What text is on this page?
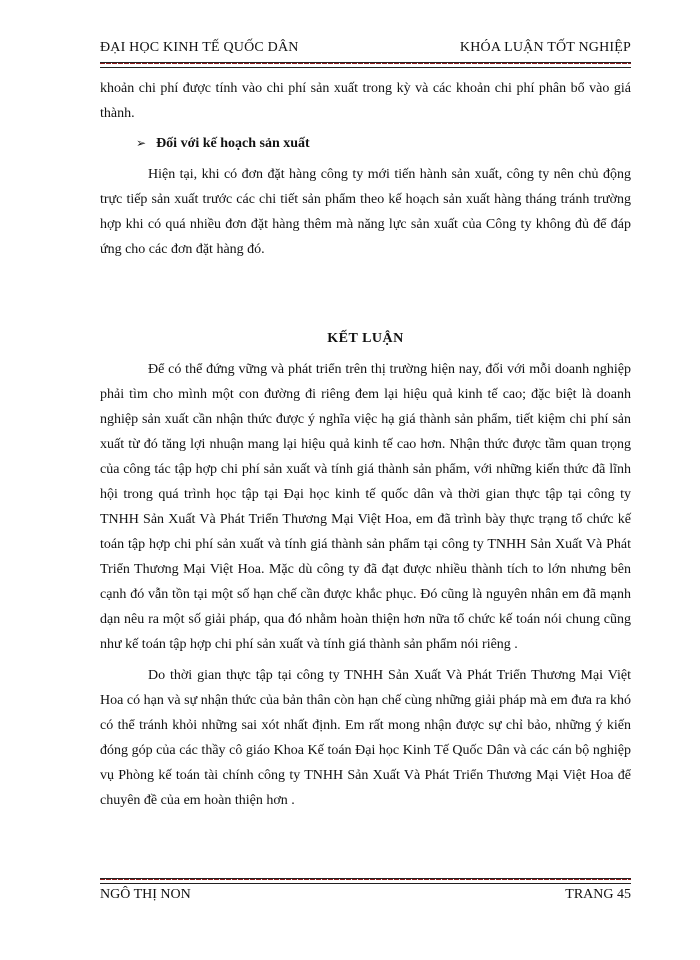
ĐẠI HỌC KINH TẾ QUỐC DÂN	KHÓA LUẬN TỐT NGHIỆP

khoản chi phí được tính vào chi phí sản xuất trong kỳ và các khoản chi phí phân bổ vào giá thành.

➢ Đối với kế hoạch sản xuất

Hiện tại, khi có đơn đặt hàng công ty mới tiến hành sản xuất, công ty nên chủ động trực tiếp sản xuất trước các chi tiết sản phẩm theo kế hoạch sản xuất hàng tháng tránh trường hợp khi có quá nhiều đơn đặt hàng thêm mà năng lực sản xuất của Công ty không đủ để đáp ứng cho các đơn đặt hàng đó.

KẾT LUẬN

Để có thể đứng vững và phát triển trên thị trường hiện nay, đối với mỗi doanh nghiệp phải tìm cho mình một con đường đi riêng đem lại hiệu quả kinh tế cao; đặc biệt là doanh nghiệp sản xuất cần nhận thức được ý nghĩa việc hạ giá thành sản phẩm, tiết kiệm chi phí sản xuất từ đó tăng lợi nhuận mang lại hiệu quả kinh tế cao hơn. Nhận thức được tầm quan trọng của công tác tập hợp chi phí sản xuất và tính giá thành sản phẩm, với những kiến thức đã lĩnh hội trong quá trình học tập tại Đại học kinh tế quốc dân và thời gian thực tập tại công ty TNHH Sản Xuất Và Phát Triển Thương Mại Việt Hoa, em đã trình bày thực trạng tổ chức kế toán tập hợp chi phí sản xuất và tính giá thành sản phẩm tại công ty TNHH Sản Xuất Và Phát Triển Thương Mại Việt Hoa. Mặc dù công ty đã đạt được nhiều thành tích to lớn nhưng bên cạnh đó vẫn tồn tại một số hạn chế cần được khắc phục. Đó cũng là nguyên nhân em đã mạnh dạn nêu ra một số giải pháp, qua đó nhằm hoàn thiện hơn nữa tổ chức kế toán nói chung cũng như kế toán tập hợp chi phí sản xuất và tính giá thành sản phẩm nói riêng .

Do thời gian thực tập tại công ty TNHH Sản Xuất Và Phát Triển Thương Mại Việt Hoa có hạn và sự nhận thức của bản thân còn hạn chế cùng những giải pháp mà em đưa ra khó có thể tránh khỏi những sai xót nhất định. Em rất mong nhận được sự chỉ bảo, những ý kiến đóng góp của các thầy cô giáo Khoa Kế toán Đại học Kinh Tế Quốc Dân và các cán bộ nghiệp vụ Phòng kế toán tài chính công ty TNHH Sản Xuất Và Phát Triển Thương Mại Việt Hoa để chuyên đề của em hoàn thiện hơn .

NGÔ THỊ NON	TRANG 45
